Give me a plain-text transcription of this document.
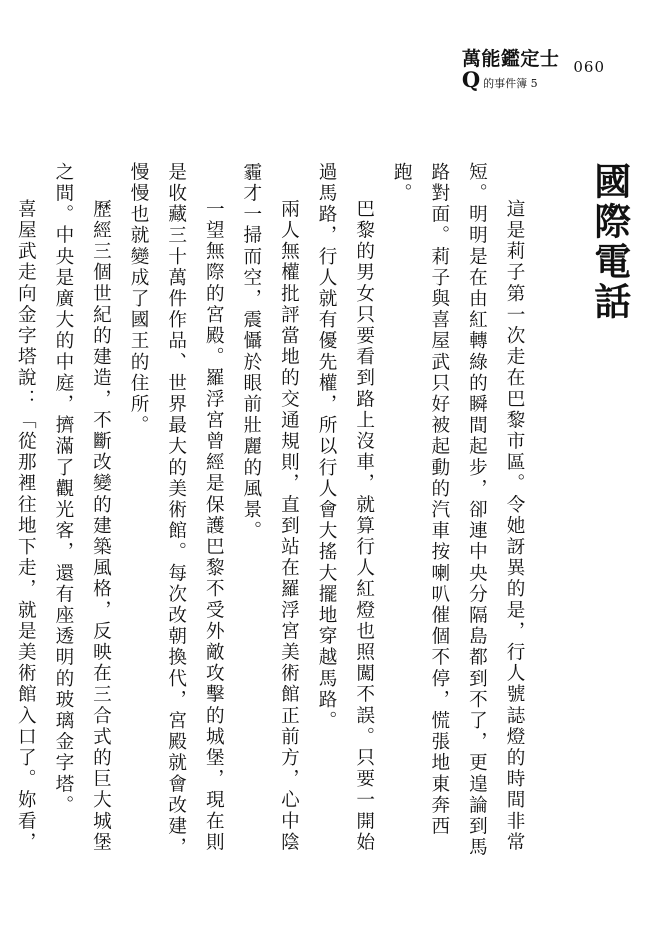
萬能鑑定士
Q 的事件簿 5
060
國際電話

這是莉子第一次走在巴黎市區。令她訝異的是，行人號誌燈的時間非常短。明明是在由紅轉綠的瞬間起步，卻連中央分隔島都到不了，更遑論到馬路對面。莉子與喜屋武只好被起動的汽車按喇叭催個不停，慌張地東奔西跑。

巴黎的男女只要看到路上沒車，就算行人紅燈也照闖不誤。只要一開始過馬路，行人就有優先權，所以行人會大搖大擺地穿越馬路。

兩人無權批評當地的交通規則，直到站在羅浮宮美術館正前方，心中陰霾才一掃而空，震懾於眼前壯麗的風景。

一望無際的宮殿。羅浮宮曾經是保護巴黎不受外敵攻擊的城堡，現在則是收藏三十萬件作品、世界最大的美術館。每次改朝換代，宮殿就會改建，慢慢也就變成了國王的住所。

歷經三個世紀的建造，不斷改變的建築風格，反映在三合式的巨大城堡之間。中央是廣大的中庭，擠滿了觀光客，還有座透明的玻璃金字塔。

喜屋武走向金字塔說：「從那裡往地下走，就是美術館入口了。妳看，
